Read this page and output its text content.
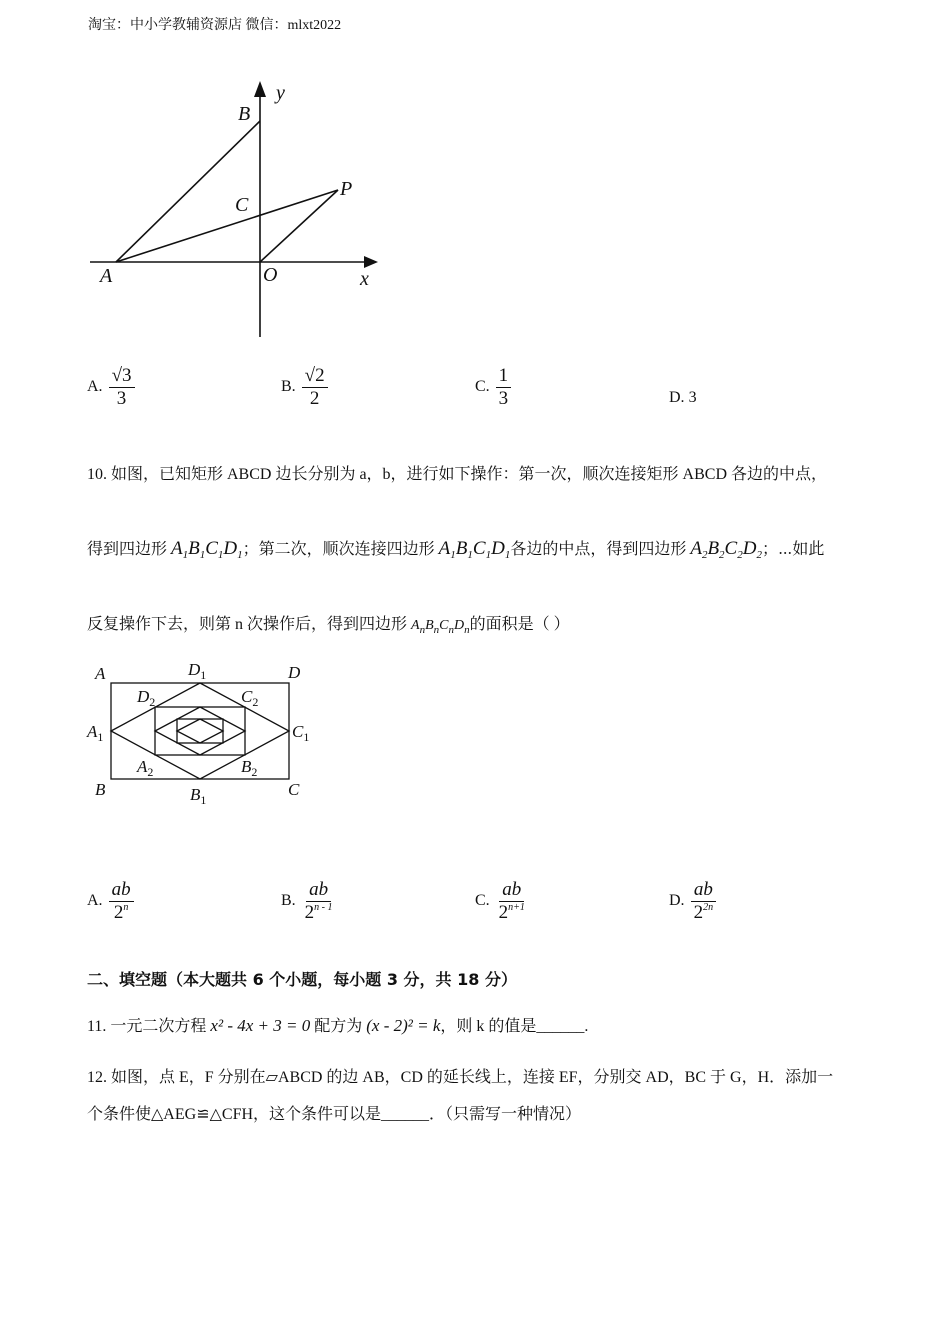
淘宝：中小学教辅资源店 微信：mlxt2022
y
B
C
P
A	O	x
A. $\frac{√3}{3}$	B. $\frac{√2}{2}$	C. $\frac{1}{3}$	D. 3
10. 如图，已知矩形 ABCD 边长分别为 a，b，进行如下操作：第一次，顺次连接矩形 ABCD 各边的中点，
得到四边形 $A_1B_1C_1D_1$；第二次，顺次连接四边形 $A_1B_1C_1D_1$各边的中点，得到四边形 $A_2B_2C_2D_2$；⋯如此
反复操作下去，则第 n 次操作后，得到四边形 $A_nB_nC_nD_n$的面积是（ ）
A	$D_1$	D
$D_2$	$C_2$
$A_1$	$C_1$
$A_2$	$B_2$
B	$B_1$
C
A. $\frac{ab}{2^n}$	B. $\frac{ab}{2^{n - 1}}$	C. $\frac{ab}{2^{n+1}}$	D. $\frac{ab}{2^{2n}}$
二、填空题（本大题共 6 个小题，每小题 3 分，共 18 分）
11. 一元二次方程 x² - 4x + 3 = 0 配方为 (x - 2)² = k，则 k 的值是______.
12. 如图，点 E，F 分别在▱ABCD 的边 AB，CD 的延长线上，连接 EF，分别交 AD，BC 于 G，H．添加一
个条件使△AEG≌△CFH，这个条件可以是______．（只需写一种情况）
